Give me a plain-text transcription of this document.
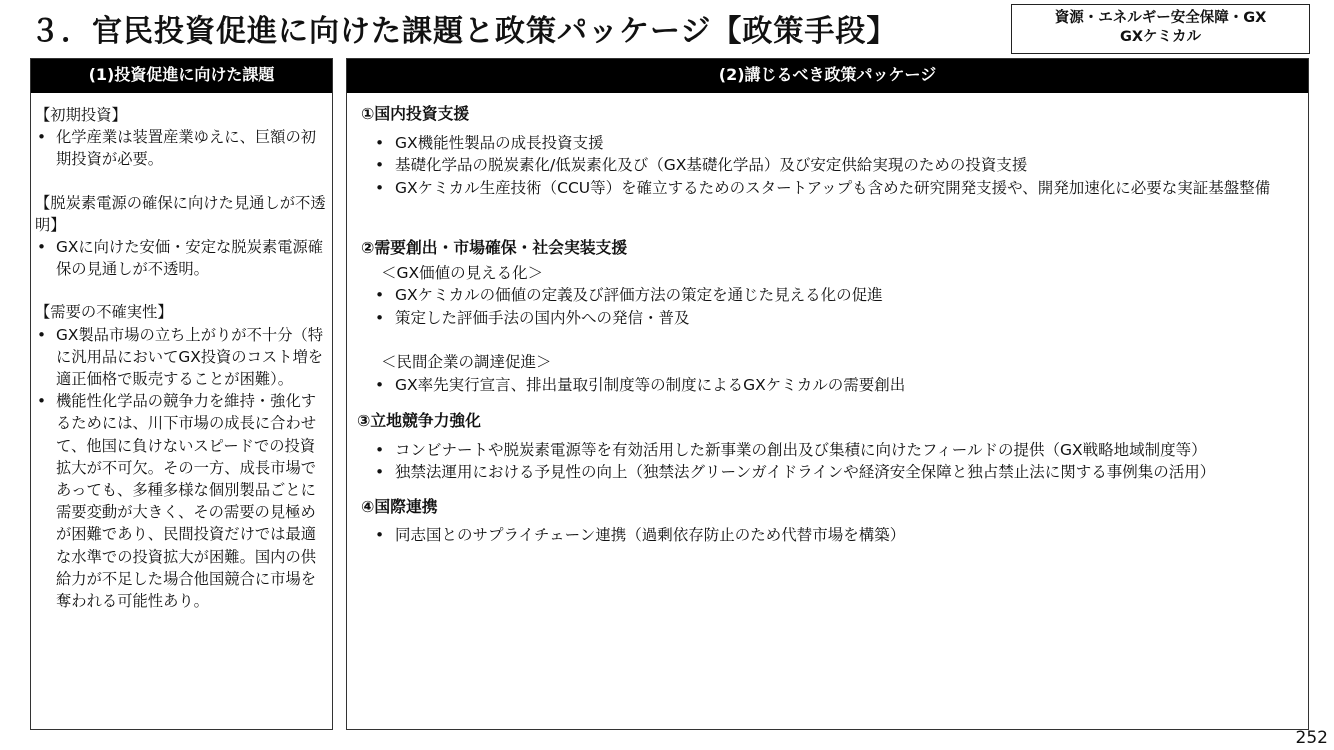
３．官民投資促進に向けた課題と政策パッケージ【政策手段】	資源・エネルギー安全保障・GX
GXケミカル
(1)投資促進に向けた課題
【初期投資】
• 化学産業は装置産業ゆえに、巨額の初期投資が必要。
【脱炭素電源の確保に向けた見通しが不透明】
• GXに向けた安価・安定な脱炭素電源確保の見通しが不透明。
【需要の不確実性】
• GX製品市場の立ち上がりが不十分（特に汎用品においてGX投資のコスト増を適正価格で販売することが困難）。
• 機能性化学品の競争力を維持・強化するためには、川下市場の成長に合わせて、他国に負けないスピードでの投資拡大が不可欠。その一方、成長市場であっても、多種多様な個別製品ごとに需要変動が大きく、その需要の見極めが困難であり、民間投資だけでは最適な水準での投資拡大が困難。国内の供給力が不足した場合他国競合に市場を奪われる可能性あり。
(2)講じるべき政策パッケージ
①国内投資支援
• GX機能性製品の成長投資支援
• 基礎化学品の脱炭素化/低炭素化及び（GX基礎化学品）及び安定供給実現のための投資支援
• GXケミカル生産技術（CCU等）を確立するためのスタートアップも含めた研究開発支援や、開発加速化に必要な実証基盤整備
②需要創出・市場確保・社会実装支援
＜GX価値の見える化＞
• GXケミカルの価値の定義及び評価方法の策定を通じた見える化の促進
• 策定した評価手法の国内外への発信・普及
＜民間企業の調達促進＞
• GX率先実行宣言、排出量取引制度等の制度によるGXケミカルの需要創出
③立地競争力強化
• コンビナートや脱炭素電源等を有効活用した新事業の創出及び集積に向けたフィールドの提供（GX戦略地域制度等）
• 独禁法運用における予見性の向上（独禁法グリーンガイドラインや経済安全保障と独占禁止法に関する事例集の活用）
④国際連携
• 同志国とのサプライチェーン連携（過剰依存防止のため代替市場を構築）
252
